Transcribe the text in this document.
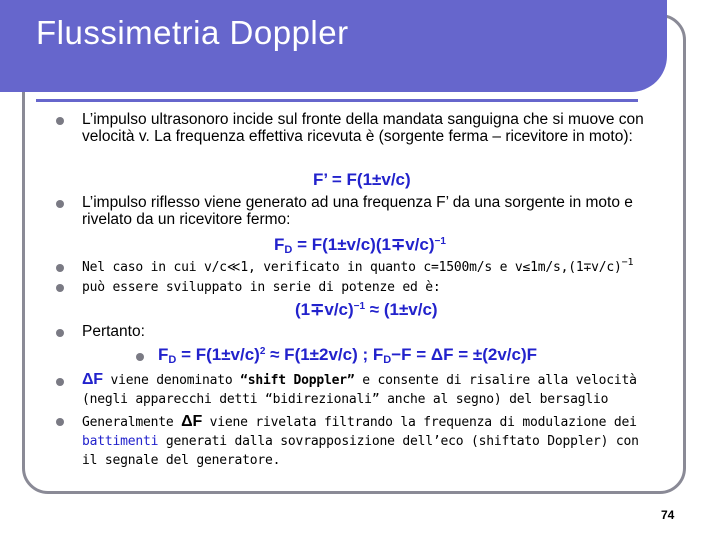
Flussimetria Doppler
L’impulso ultrasonoro incide sul fronte della mandata sanguigna che si muove con velocità v. La frequenza effettiva ricevuta è (sorgente ferma – ricevitore in moto):
F’ = F(1±v/c)
L’impulso riflesso viene generato ad una frequenza F’ da una sorgente in moto e rivelato da un ricevitore fermo:
$F_D = F(1\pm v/c)(1\mp v/c)^{-1}$
Nel caso in cui v/c≪1, verificato in quanto c=1500m/s e $v\le 1m/s,(1\mp v/c)^{-1}$
può essere sviluppato in serie di potenze ed è:
$(1\mp v/c)^{-1} \approx (1\pm v/c)$
Pertanto:
$F_D = F(1\pm v/c)^2 \approx F(1\pm 2v/c)$ ; $F_D-F = \Delta F = \pm(2v/c)F$
ΔF viene denominato “shift Doppler” e consente di risalire alla velocità (negli apparecchi detti “bidirezionali” anche al segno) del bersaglio
Generalmente ΔF viene rivelata filtrando la frequenza di modulazione dei battimenti generati dalla sovrapposizione dell’eco (shiftato Doppler) con il segnale del generatore.
74
